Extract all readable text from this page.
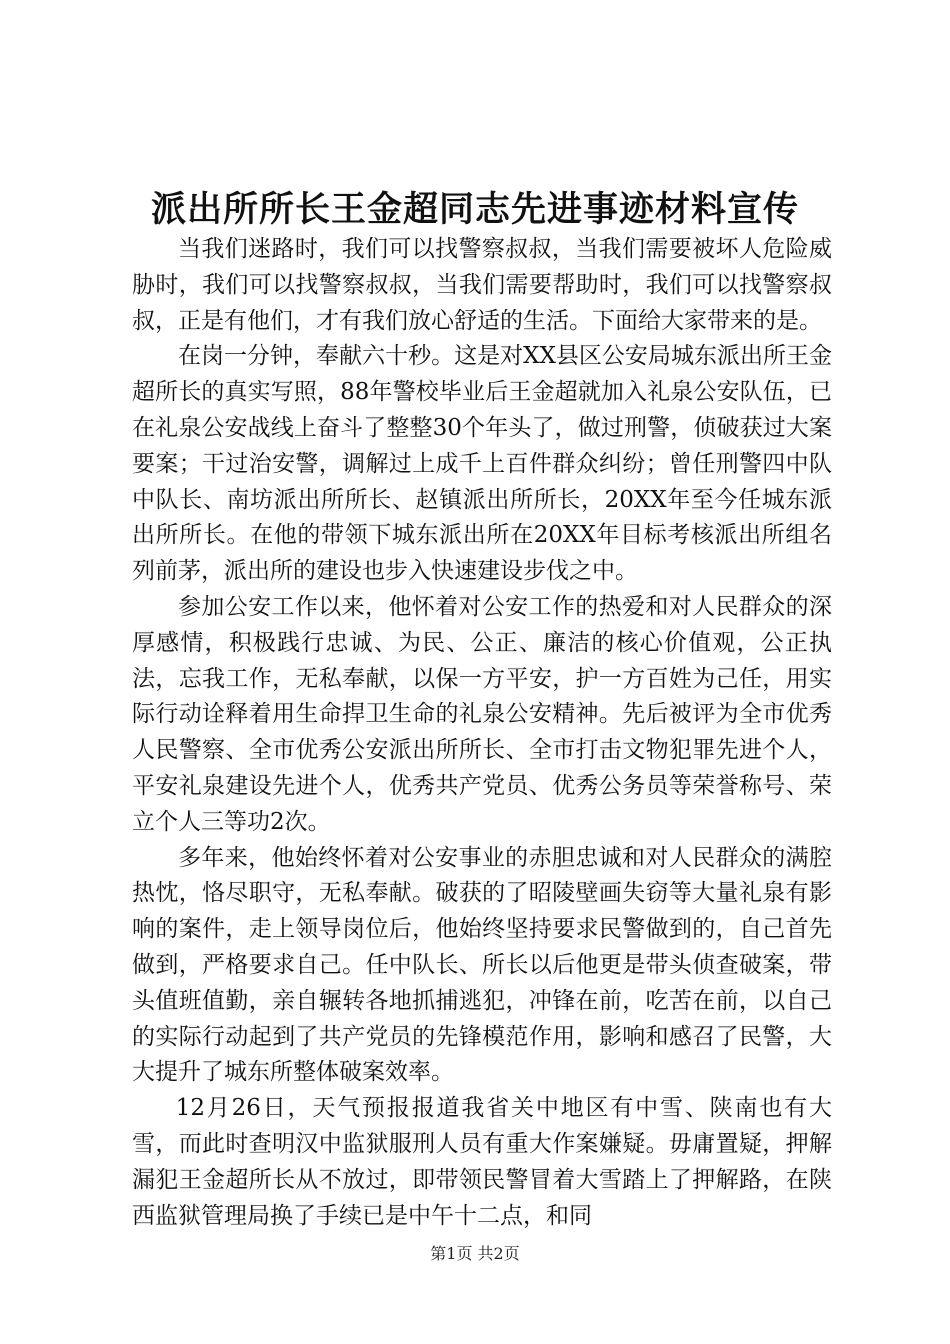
派出所所长王金超同志先进事迹材料宣传

当我们迷路时，我们可以找警察叔叔，当我们需要被坏人危险威胁时，我们可以找警察叔叔，当我们需要帮助时，我们可以找警察叔叔，正是有他们，才有我们放心舒适的生活。下面给大家带来的是。

在岗一分钟，奉献六十秒。这是对XX县区公安局城东派出所王金超所长的真实写照，88年警校毕业后王金超就加入礼泉公安队伍，已在礼泉公安战线上奋斗了整整30个年头了，做过刑警，侦破获过大案要案；干过治安警，调解过上成千上百件群众纠纷；曾任刑警四中队中队长、南坊派出所所长、赵镇派出所所长，20XX年至今任城东派出所所长。在他的带领下城东派出所在20XX年目标考核派出所组名列前茅，派出所的建设也步入快速建设步伐之中。

参加公安工作以来，他怀着对公安工作的热爱和对人民群众的深厚感情，积极践行忠诚、为民、公正、廉洁的核心价值观，公正执法，忘我工作，无私奉献，以保一方平安，护一方百姓为己任，用实际行动诠释着用生命捍卫生命的礼泉公安精神。先后被评为全市优秀人民警察、全市优秀公安派出所所长、全市打击文物犯罪先进个人，平安礼泉建设先进个人，优秀共产党员、优秀公务员等荣誉称号、荣立个人三等功2次。

多年来，他始终怀着对公安事业的赤胆忠诚和对人民群众的满腔热忱，恪尽职守，无私奉献。破获的了昭陵壁画失窃等大量礼泉有影响的案件，走上领导岗位后，他始终坚持要求民警做到的，自己首先做到，严格要求自己。任中队长、所长以后他更是带头侦查破案，带头值班值勤，亲自辗转各地抓捕逃犯，冲锋在前，吃苦在前，以自己的实际行动起到了共产党员的先锋模范作用，影响和感召了民警，大大提升了城东所整体破案效率。

12月26日，天气预报报道我省关中地区有中雪、陕南也有大雪，而此时查明汉中监狱服刑人员有重大作案嫌疑。毋庸置疑，押解漏犯王金超所长从不放过，即带领民警冒着大雪踏上了押解路，在陕西监狱管理局换了手续已是中午十二点，和同

第1页 共2页
